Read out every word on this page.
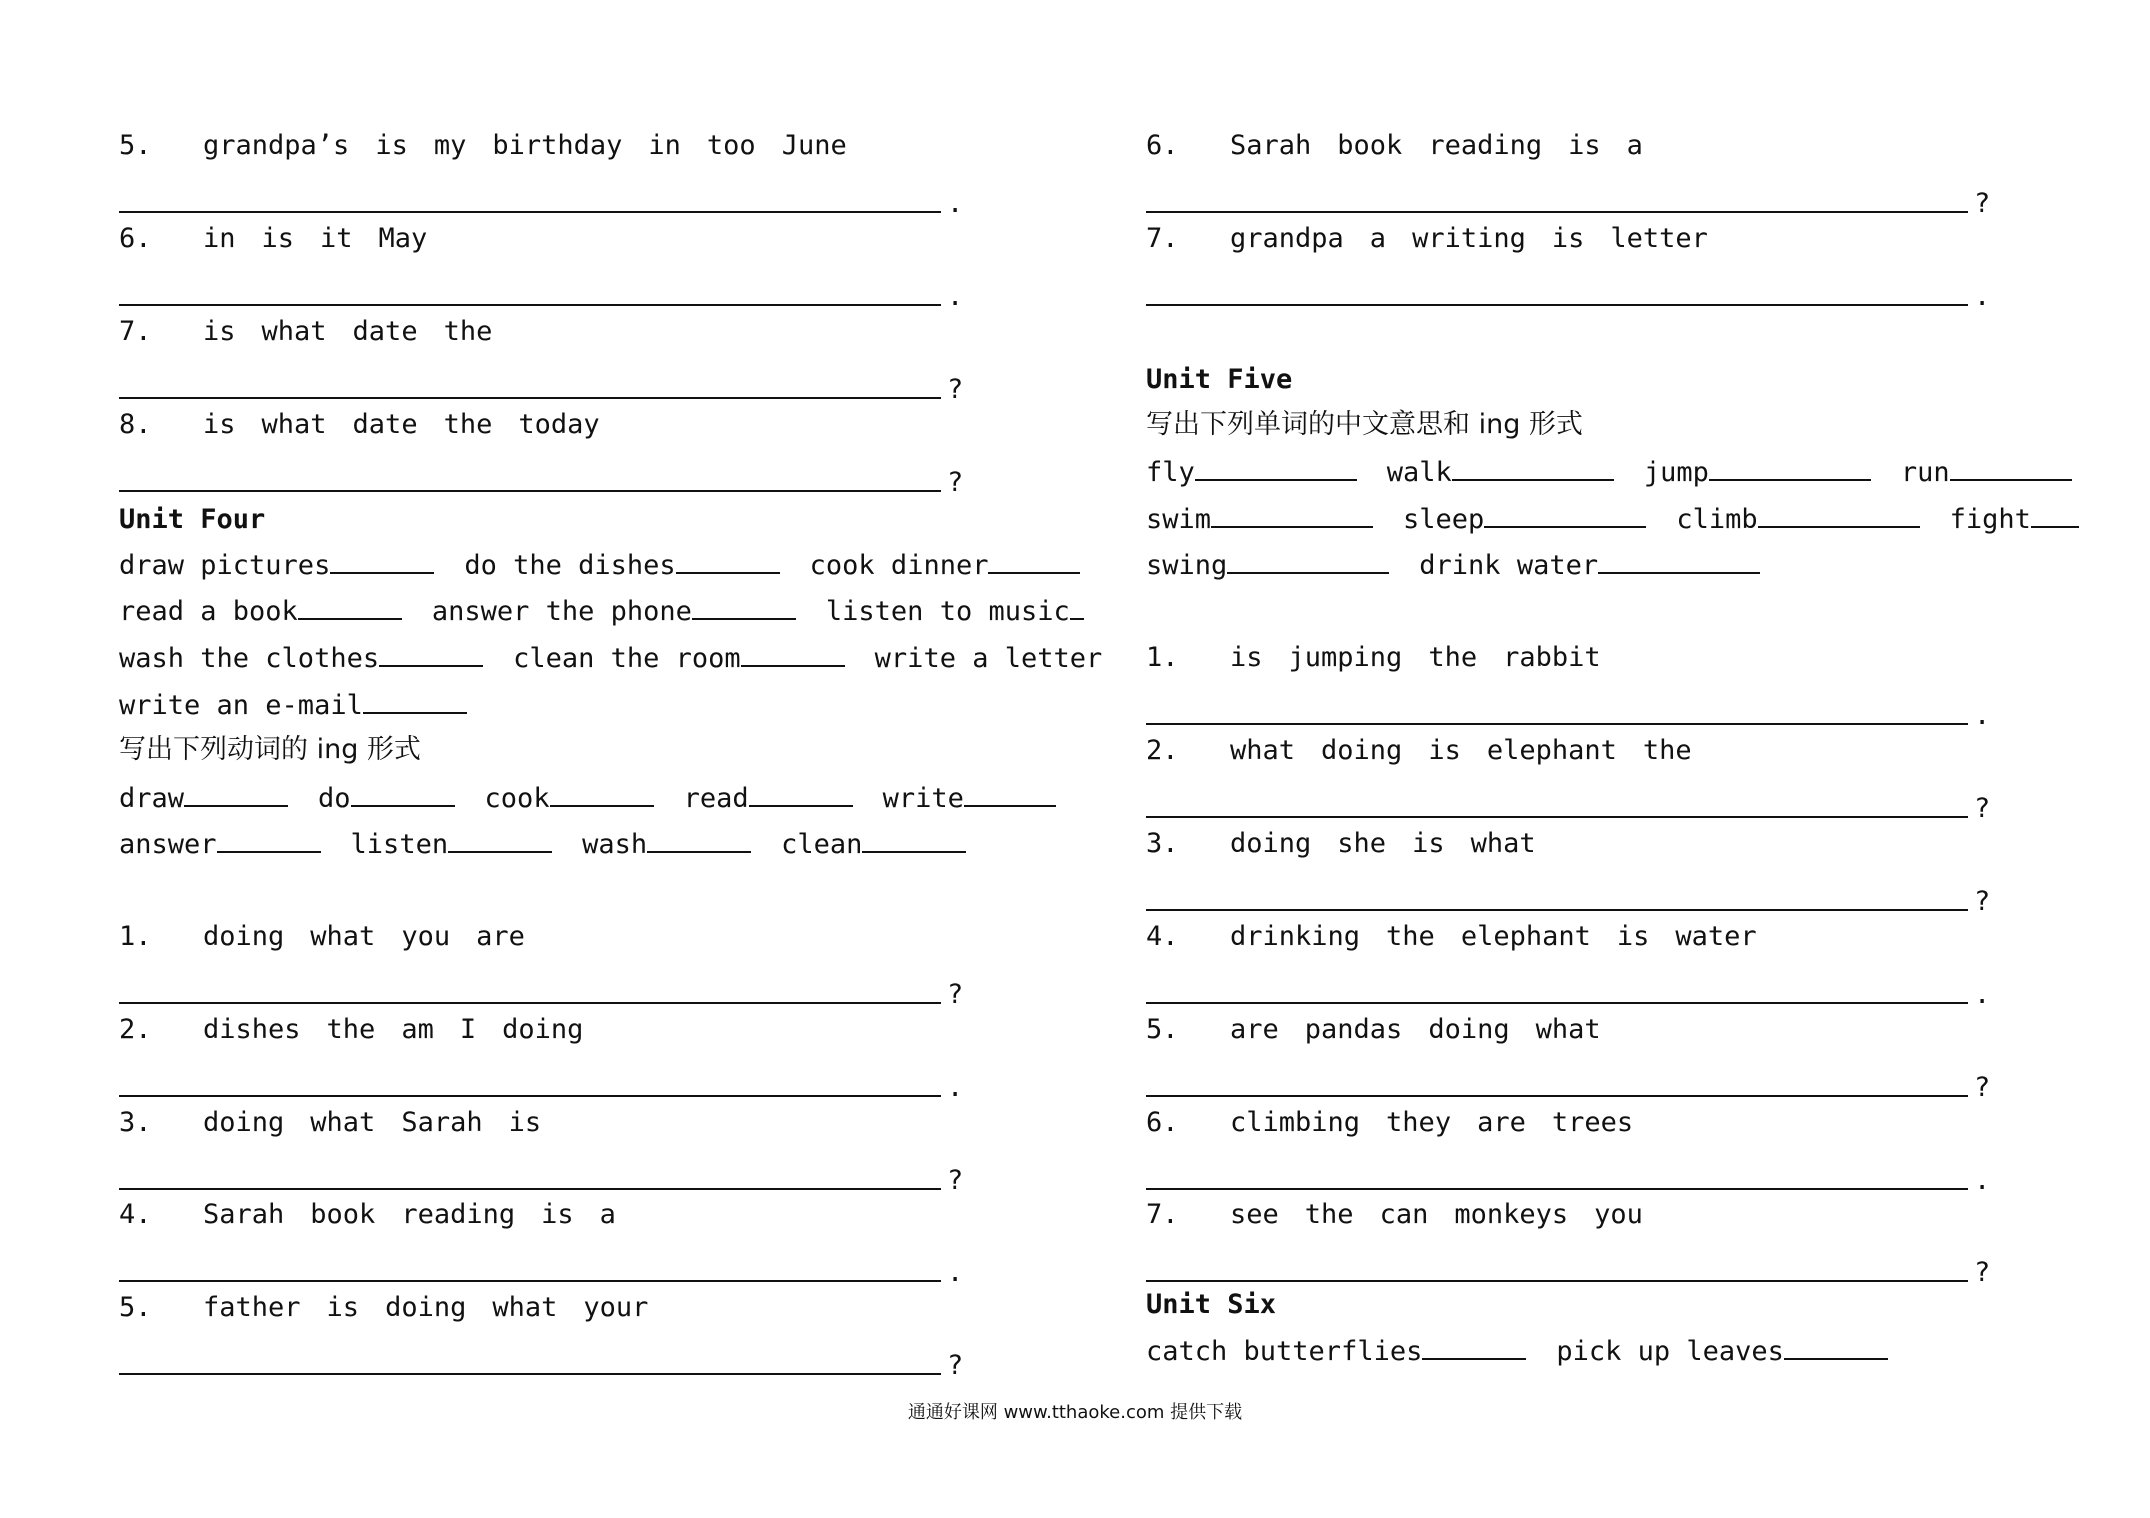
5. grandpa’s is my birthday in too June
.
6. in is it May
.
7. is what date the
?
8. is what date the today
?
Unit Four
draw pictures	do the dishes	cook dinner
read a book	answer the phone	listen to music
wash the clothes	clean the room	write a letter
write an e-mail
写出下列动词的 ing 形式
draw	do	cook	read	write
answer	listen	wash	clean
1. doing what you are
?
2. dishes the am I doing
.
3. doing what Sarah is
?
4. Sarah book reading is a
.
5. father is doing what your
?
6. Sarah book reading is a
?
7. grandpa a writing is letter
.
Unit Five
写出下列单词的中文意思和 ing 形式
fly	walk	jump	run
swim	sleep	climb	fight
swing	drink water
1. is jumping the rabbit
.
2. what doing is elephant the
?
3. doing she is what
?
4. drinking the elephant is water
.
5. are pandas doing what
?
6. climbing they are trees
.
7. see the can monkeys you
?
Unit Six
catch butterflies	pick up leaves
通通好课网 www.tthaoke.com 提供下载
